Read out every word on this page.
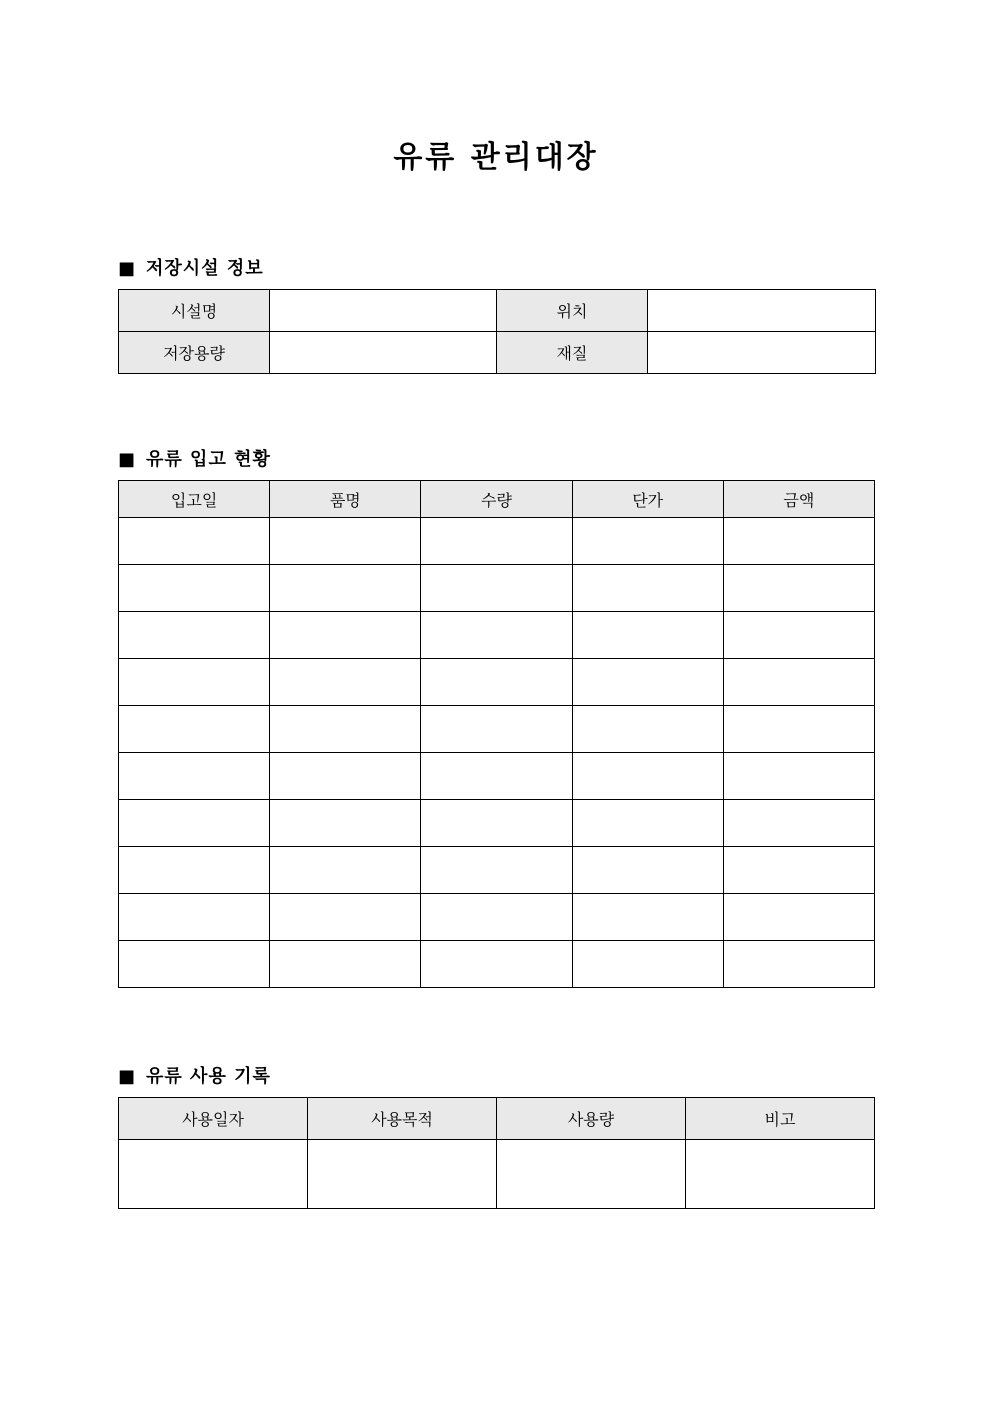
유류 관리대장
■ 저장시설 정보
시설명		위치	
저장용량		재질	
■ 유류 입고 현황
입고일	품명	수량	단가	금액

■ 유류 사용 기록
사용일자	사용목적	사용량	비고
